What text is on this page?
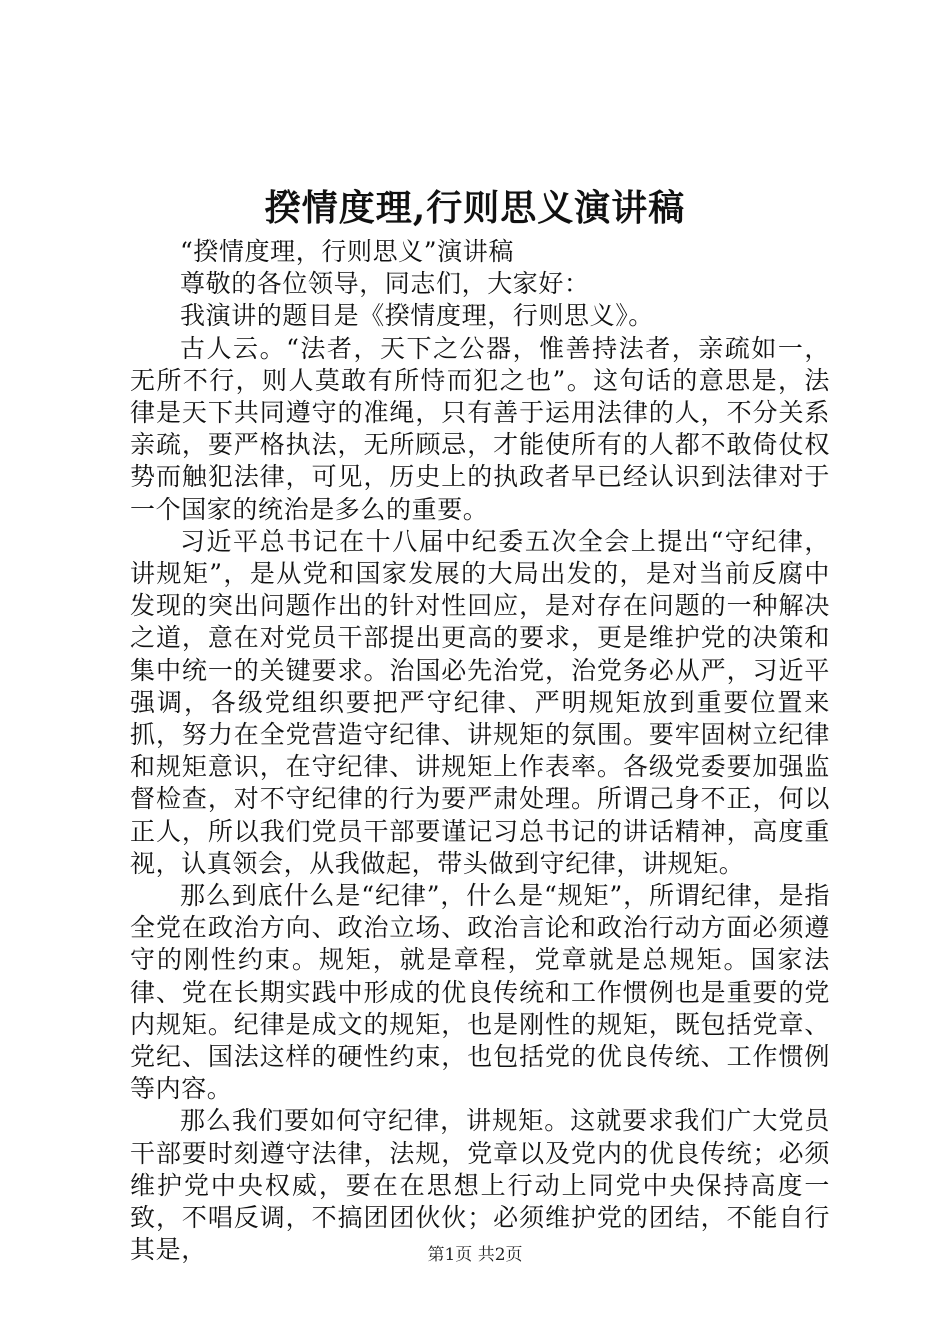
揆情度理,行则思义演讲稿

“揆情度理，行则思义”演讲稿

尊敬的各位领导，同志们，大家好：

我演讲的题目是《揆情度理，行则思义》。

古人云。“法者，天下之公器，惟善持法者，亲疏如一，无所不行，则人莫敢有所恃而犯之也”。这句话的意思是，法律是天下共同遵守的准绳，只有善于运用法律的人，不分关系亲疏，要严格执法，无所顾忌，才能使所有的人都不敢倚仗权势而触犯法律，可见，历史上的执政者早已经认识到法律对于一个国家的统治是多么的重要。

习近平总书记在十八届中纪委五次全会上提出“守纪律，讲规矩”，是从党和国家发展的大局出发的，是对当前反腐中发现的突出问题作出的针对性回应，是对存在问题的一种解决之道，意在对党员干部提出更高的要求，更是维护党的决策和集中统一的关键要求。治国必先治党，治党务必从严，习近平强调，各级党组织要把严守纪律、严明规矩放到重要位置来抓，努力在全党营造守纪律、讲规矩的氛围。要牢固树立纪律和规矩意识，在守纪律、讲规矩上作表率。各级党委要加强监督检查，对不守纪律的行为要严肃处理。所谓己身不正，何以正人，所以我们党员干部要谨记习总书记的讲话精神，高度重视，认真领会，从我做起，带头做到守纪律，讲规矩。

那么到底什么是“纪律”，什么是“规矩”，所谓纪律，是指全党在政治方向、政治立场、政治言论和政治行动方面必须遵守的刚性约束。规矩，就是章程，党章就是总规矩。国家法律、党在长期实践中形成的优良传统和工作惯例也是重要的党内规矩。纪律是成文的规矩，也是刚性的规矩，既包括党章、党纪、国法这样的硬性约束，也包括党的优良传统、工作惯例等内容。

那么我们要如何守纪律，讲规矩。这就要求我们广大党员干部要时刻遵守法律，法规，党章以及党内的优良传统；必须维护党中央权威，要在在思想上行动上同党中央保持高度一致，不唱反调，不搞团团伙伙；必须维护党的团结，不能自行其是，	第1页 共2页
